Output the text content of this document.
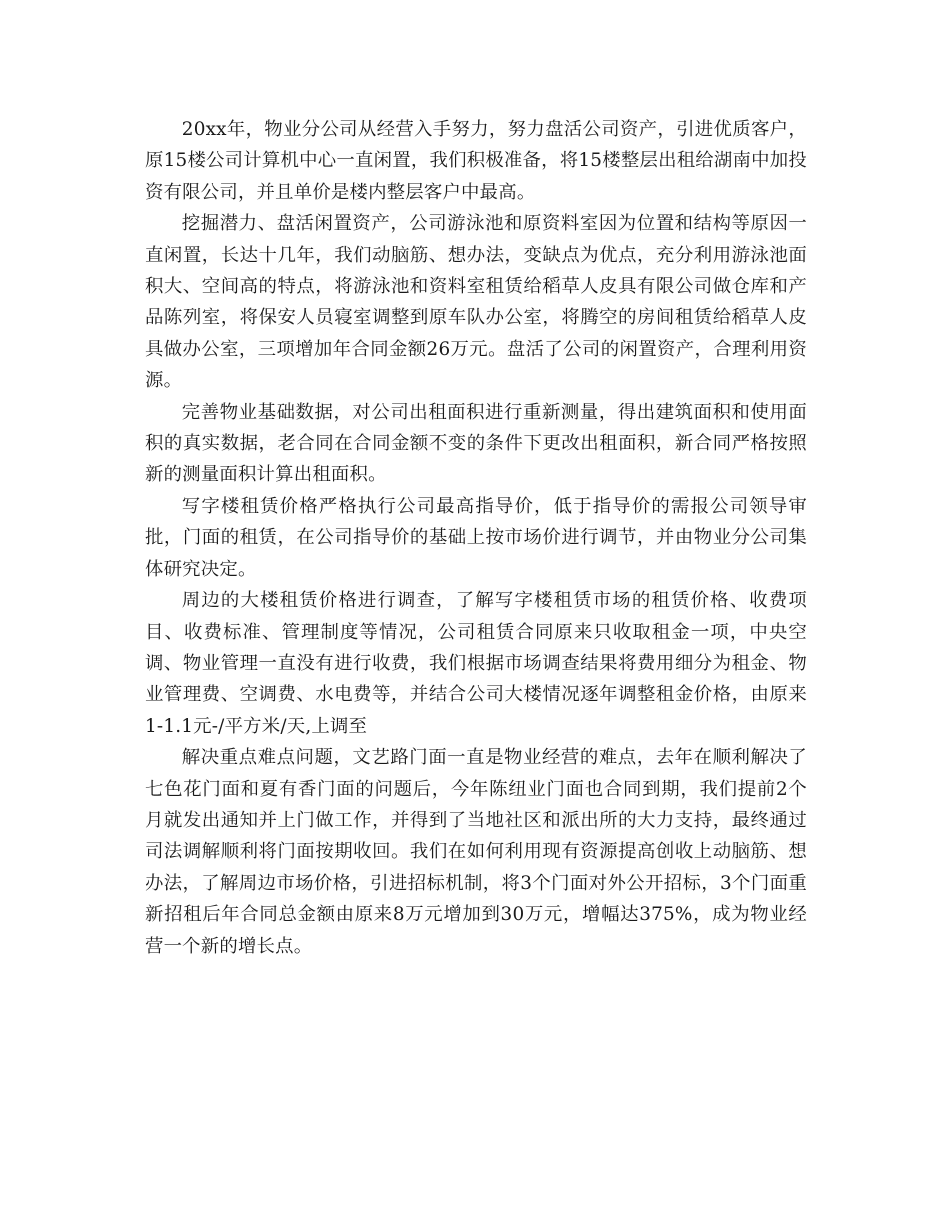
20xx年，物业分公司从经营入手努力，努力盘活公司资产，引进优质客户，原15楼公司计算机中心一直闲置，我们积极准备，将15楼整层出租给湖南中加投资有限公司，并且单价是楼内整层客户中最高。

挖掘潜力、盘活闲置资产，公司游泳池和原资料室因为位置和结构等原因一直闲置，长达十几年，我们动脑筋、想办法，变缺点为优点，充分利用游泳池面积大、空间高的特点，将游泳池和资料室租赁给稻草人皮具有限公司做仓库和产品陈列室，将保安人员寝室调整到原车队办公室，将腾空的房间租赁给稻草人皮具做办公室，三项增加年合同金额26万元。盘活了公司的闲置资产，合理利用资源。

完善物业基础数据，对公司出租面积进行重新测量，得出建筑面积和使用面积的真实数据，老合同在合同金额不变的条件下更改出租面积，新合同严格按照新的测量面积计算出租面积。

写字楼租赁价格严格执行公司最高指导价，低于指导价的需报公司领导审批，门面的租赁，在公司指导价的基础上按市场价进行调节，并由物业分公司集体研究决定。

周边的大楼租赁价格进行调查，了解写字楼租赁市场的租赁价格、收费项目、收费标准、管理制度等情况，公司租赁合同原来只收取租金一项，中央空调、物业管理一直没有进行收费，我们根据市场调查结果将费用细分为租金、物业管理费、空调费、水电费等，并结合公司大楼情况逐年调整租金价格，由原来1-1.1元-/平方米/天,上调至

解决重点难点问题，文艺路门面一直是物业经营的难点，去年在顺利解决了七色花门面和夏有香门面的问题后，今年陈纽业门面也合同到期，我们提前2个月就发出通知并上门做工作，并得到了当地社区和派出所的大力支持，最终通过司法调解顺利将门面按期收回。我们在如何利用现有资源提高创收上动脑筋、想办法，了解周边市场价格，引进招标机制，将3个门面对外公开招标，3个门面重新招租后年合同总金额由原来8万元增加到30万元，增幅达375%，成为物业经营一个新的增长点。
